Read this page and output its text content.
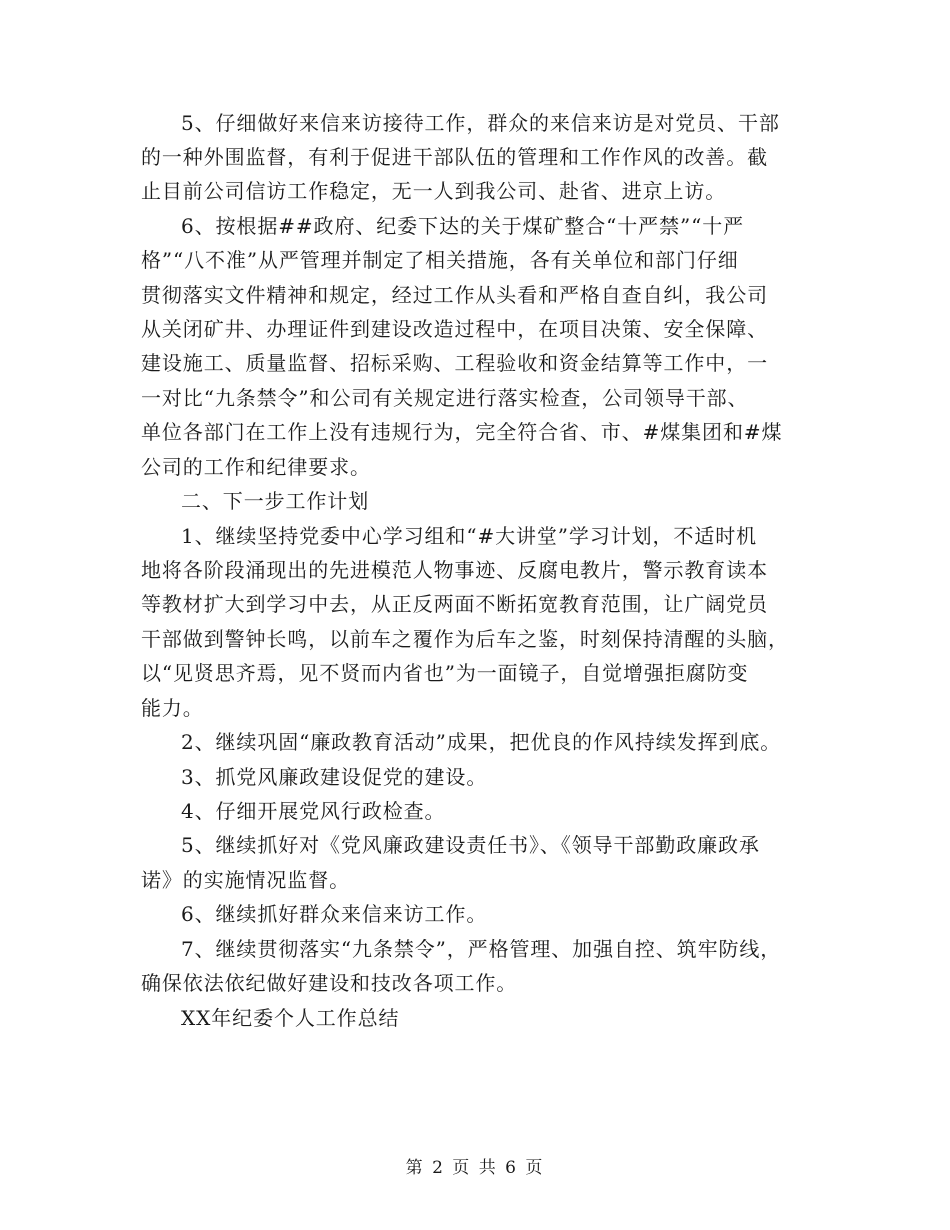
5、仔细做好来信来访接待工作，群众的来信来访是对党员、干部
的一种外围监督，有利于促进干部队伍的管理和工作作风的改善。截
止目前公司信访工作稳定，无一人到我公司、赴省、进京上访。
6、按根据##政府、纪委下达的关于煤矿整合“十严禁”“十严
格”“八不准”从严管理并制定了相关措施，各有关单位和部门仔细
贯彻落实文件精神和规定，经过工作从头看和严格自查自纠，我公司
从关闭矿井、办理证件到建设改造过程中，在项目决策、安全保障、
建设施工、质量监督、招标采购、工程验收和资金结算等工作中，一
一对比“九条禁令”和公司有关规定进行落实检查，公司领导干部、
单位各部门在工作上没有违规行为，完全符合省、市、#煤集团和#煤
公司的工作和纪律要求。
二、下一步工作计划
1、继续坚持党委中心学习组和“#大讲堂”学习计划，不适时机
地将各阶段涌现出的先进模范人物事迹、反腐电教片，警示教育读本
等教材扩大到学习中去，从正反两面不断拓宽教育范围，让广阔党员
干部做到警钟长鸣，以前车之覆作为后车之鉴，时刻保持清醒的头脑，
以“见贤思齐焉，见不贤而内省也”为一面镜子，自觉增强拒腐防变
能力。
2、继续巩固“廉政教育活动”成果，把优良的作风持续发挥到底。
3、抓党风廉政建设促党的建设。
4、仔细开展党风行政检查。
5、继续抓好对《党风廉政建设责任书》、《领导干部勤政廉政承
诺》的实施情况监督。
6、继续抓好群众来信来访工作。
7、继续贯彻落实“九条禁令”，严格管理、加强自控、筑牢防线，
确保依法依纪做好建设和技改各项工作。
XX年纪委个人工作总结
第 2 页 共 6 页
